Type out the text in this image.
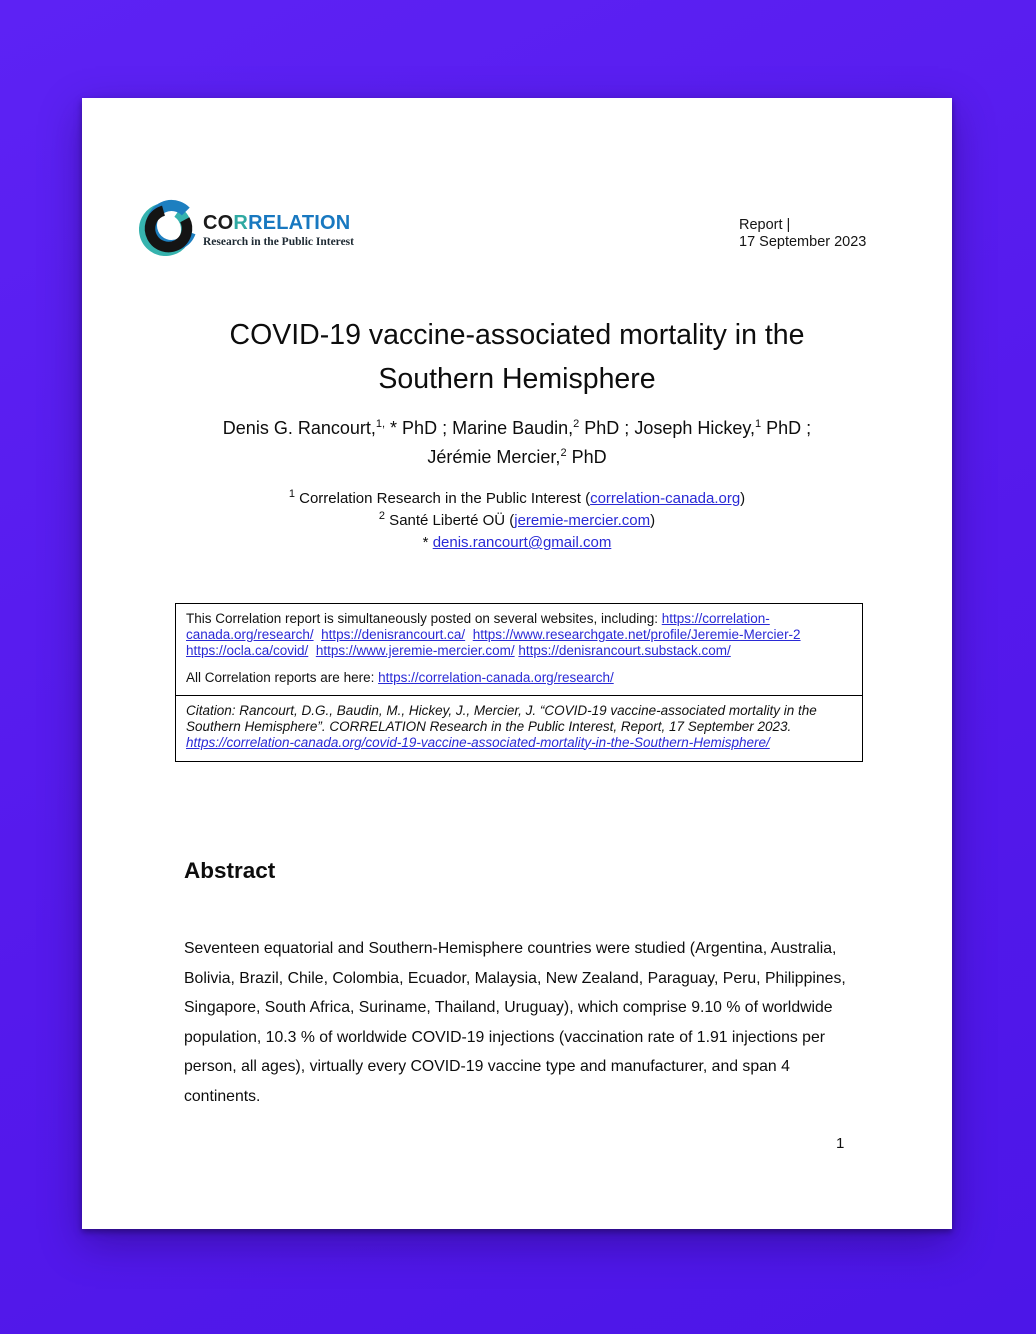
CORRELATION
Research in the Public Interest
Report |
17 September 2023
COVID-19 vaccine-associated mortality in the
Southern Hemisphere
Denis G. Rancourt,$^{1,}$ * PhD ; Marine Baudin,$^2$ PhD ; Joseph Hickey,$^1$ PhD ;
Jérémie Mercier,$^2$ PhD
$^1$ Correlation Research in the Public Interest (correlation-canada.org)
$^2$ Santé Liberté OÜ (jeremie-mercier.com)
* denis.rancourt@gmail.com

This Correlation report is simultaneously posted on several websites, including: https://correlation-canada.org/research/ https://denisrancourt.ca/ https://www.researchgate.net/profile/Jeremie-Mercier-2  https://ocla.ca/covid/ https://www.jeremie-mercier.com/ https://denisrancourt.substack.com/

All Correlation reports are here: https://correlation-canada.org/research/

Citation: Rancourt, D.G., Baudin, M., Hickey, J., Mercier, J. “COVID-19 vaccine-associated mortality in the Southern Hemisphere”. CORRELATION Research in the Public Interest, Report, 17 September 2023. https://correlation-canada.org/covid-19-vaccine-associated-mortality-in-the-Southern-Hemisphere/

Abstract
Seventeen equatorial and Southern-Hemisphere countries were studied (Argentina, Australia, Bolivia, Brazil, Chile, Colombia, Ecuador, Malaysia, New Zealand, Paraguay, Peru, Philippines, Singapore, South Africa, Suriname, Thailand, Uruguay), which comprise 9.10 % of worldwide population, 10.3 % of worldwide COVID-19 injections (vaccination rate of 1.91 injections per person, all ages), virtually every COVID-19 vaccine type and manufacturer, and span 4 continents.
1
